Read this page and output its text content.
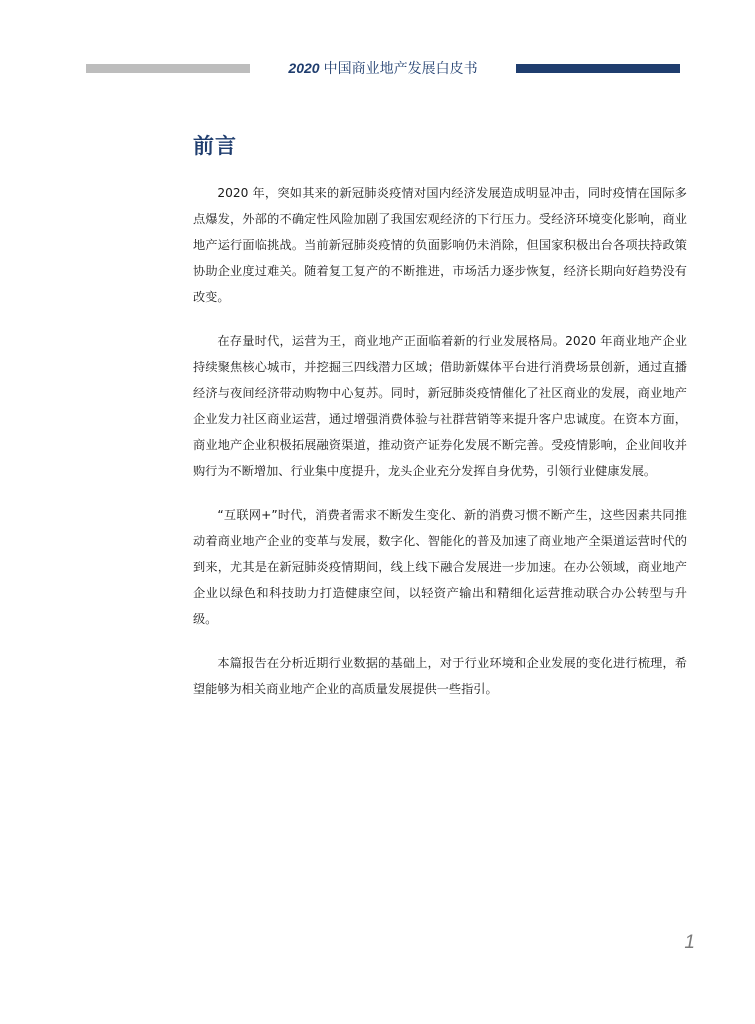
2020 中国商业地产发展白皮书
前言

2020 年，突如其来的新冠肺炎疫情对国内经济发展造成明显冲击，同时疫情在国际多点爆发，外部的不确定性风险加剧了我国宏观经济的下行压力。受经济环境变化影响，商业地产运行面临挑战。当前新冠肺炎疫情的负面影响仍未消除，但国家积极出台各项扶持政策协助企业度过难关。随着复工复产的不断推进，市场活力逐步恢复，经济长期向好趋势没有改变。

在存量时代，运营为王，商业地产正面临着新的行业发展格局。2020 年商业地产企业持续聚焦核心城市，并挖掘三四线潜力区域；借助新媒体平台进行消费场景创新，通过直播经济与夜间经济带动购物中心复苏。同时，新冠肺炎疫情催化了社区商业的发展，商业地产企业发力社区商业运营，通过增强消费体验与社群营销等来提升客户忠诚度。在资本方面，商业地产企业积极拓展融资渠道，推动资产证券化发展不断完善。受疫情影响，企业间收并购行为不断增加、行业集中度提升，龙头企业充分发挥自身优势，引领行业健康发展。

“互联网+”时代，消费者需求不断发生变化、新的消费习惯不断产生，这些因素共同推动着商业地产企业的变革与发展，数字化、智能化的普及加速了商业地产全渠道运营时代的到来，尤其是在新冠肺炎疫情期间，线上线下融合发展进一步加速。在办公领域，商业地产企业以绿色和科技助力打造健康空间，以轻资产输出和精细化运营推动联合办公转型与升级。

本篇报告在分析近期行业数据的基础上，对于行业环境和企业发展的变化进行梳理，希望能够为相关商业地产企业的高质量发展提供一些指引。

1
